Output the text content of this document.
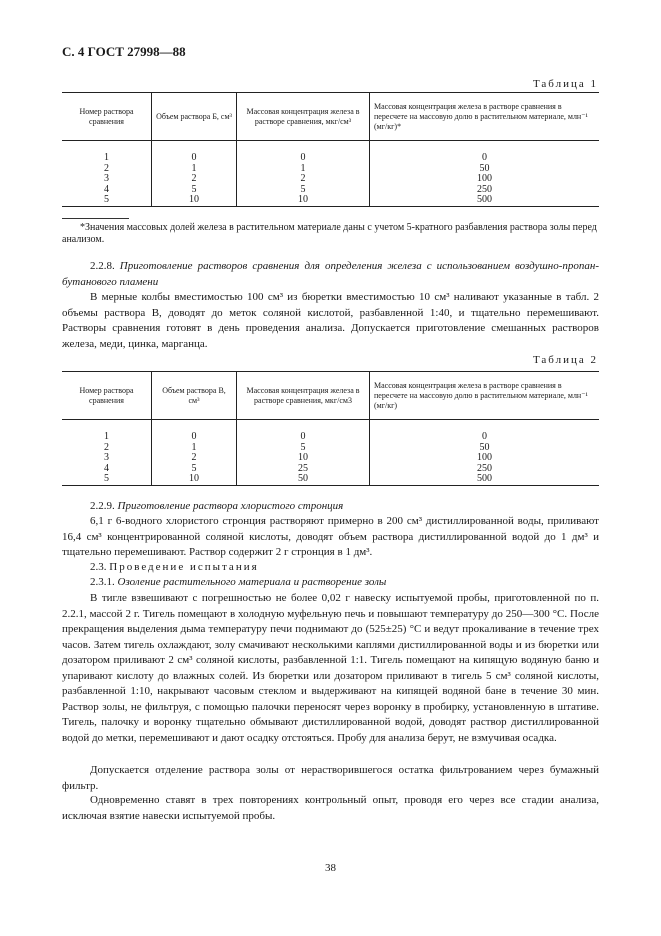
С. 4 ГОСТ 27998—88
Таблица 1
Номер раствора сравнения	Объем раствора Б, см³	Массовая концентрация железа в растворе сравнения, мкг/см³	Массовая концентрация железа в растворе сравнения в пересчете на массовую долю в растительном материале, млн⁻¹ (мг/кг)*

1	0	0	0
2	1	1	50
3	2	2	100
4	5	5	250
5	10	10	500
*Значения массовых долей железа в растительном материале даны с учетом 5-кратного разбавления раствора золы перед анализом.
2.2.8. Приготовление растворов сравнения для определения железа с использованием воздушно-пропан-бутанового пламени
В мерные колбы вместимостью 100 см³ из бюретки вместимостью 10 см³ наливают указанные в табл. 2 объемы раствора В, доводят до меток соляной кислотой, разбавленной 1:40, и тщательно перемешивают. Растворы сравнения готовят в день проведения анализа. Допускается приготовление смешанных растворов железа, меди, цинка, марганца.
Таблица 2
Номер раствора сравнения	Объем раствора В, см³	Массовая концентрация железа в растворе сравнения, мкг/см3	Массовая концентрация железа в растворе сравнения в пересчете на массовую долю в растительном материале, млн⁻¹ (мг/кг)

1	0	0	0
2	1	5	50
3	2	10	100
4	5	25	250
5	10	50	500
2.2.9. Приготовление раствора хлористого стронция
6,1 г 6-водного хлористого стронция растворяют примерно в 200 см³ дистиллированной воды, приливают 16,4 см³ концентрированной соляной кислоты, доводят объем раствора дистиллированной водой до 1 дм³ и тщательно перемешивают. Раствор содержит 2 г стронция в 1 дм³.
2.3. Проведение испытания
2.3.1. Озоление растительного материала и растворение золы
В тигле взвешивают с погрешностью не более 0,02 г навеску испытуемой пробы, приготовленной по п. 2.2.1, массой 2 г. Тигель помещают в холодную муфельную печь и повышают температуру до 250—300 °С. После прекращения выделения дыма температуру печи поднимают до (525±25) °С и ведут прокаливание в течение трех часов. Затем тигель охлаждают, золу смачивают несколькими каплями дистиллированной воды и из бюретки или дозатором приливают 2 см³ соляной кислоты, разбавленной 1:1. Тигель помещают на кипящую водяную баню и упаривают кислоту до влажных солей. Из бюретки или дозатором приливают в тигель 5 см³ соляной кислоты, разбавленной 1:10, накрывают часовым стеклом и выдерживают на кипящей водяной бане в течение 30 мин. Раствор золы, не фильтруя, с помощью палочки переносят через воронку в пробирку, установленную в штативе. Тигель, палочку и воронку тщательно обмывают дистиллированной водой, доводят раствор дистиллированной водой до метки, перемешивают и дают осадку отстояться. Пробу для анализа берут, не взмучивая осадка.
Допускается отделение раствора золы от нерастворившегося остатка фильтрованием через бумажный фильтр.
Одновременно ставят в трех повторениях контрольный опыт, проводя его через все стадии анализа, исключая взятие навески испытуемой пробы.
38
